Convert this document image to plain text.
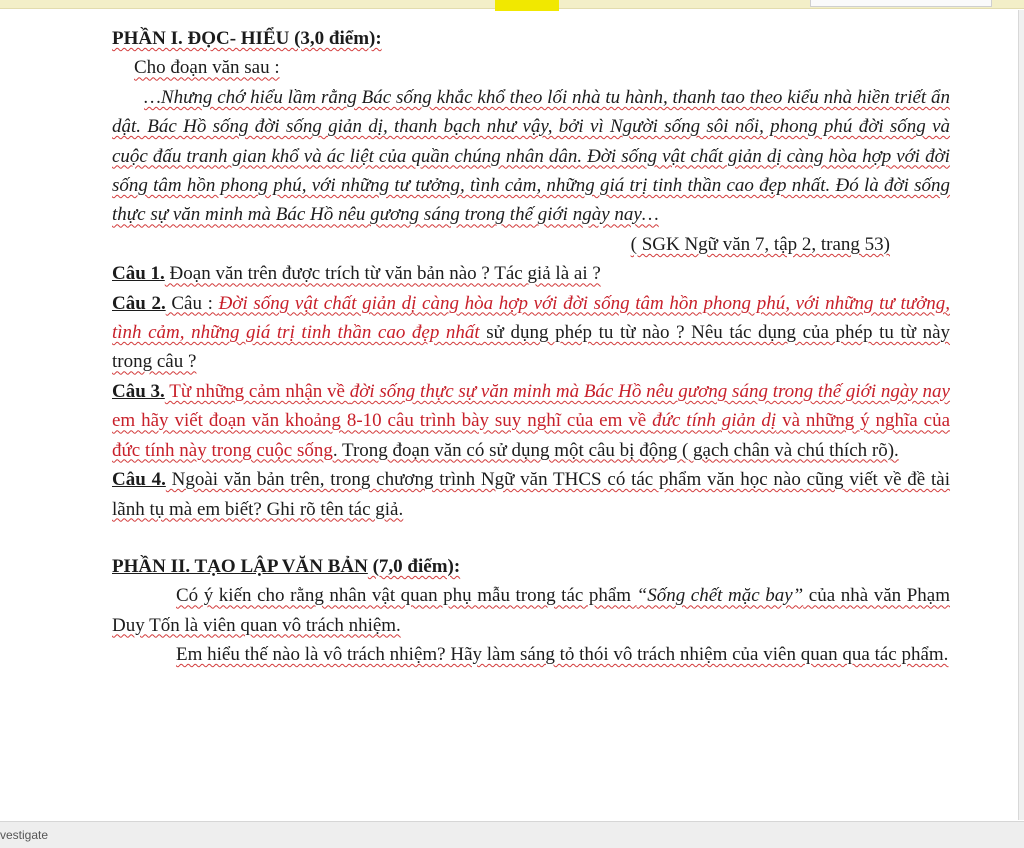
PHẦN I. ĐỌC- HIỂU (3,0 điểm):

Cho đoạn văn sau :

…Nhưng chớ hiểu lầm rằng Bác sống khắc khổ theo lối nhà tu hành, thanh tao theo kiểu nhà hiền triết ẩn dật. Bác Hồ sống đời sống giản dị, thanh bạch như vậy, bởi vì Người sống sôi nổi, phong phú đời sống và cuộc đấu tranh gian khổ và ác liệt của quần chúng nhân dân. Đời sống vật chất giản dị càng hòa hợp với đời sống tâm hồn phong phú, với những tư tưởng, tình cảm, những giá trị tinh thần cao đẹp nhất. Đó là đời sống thực sự văn minh mà Bác Hồ nêu gương sáng trong thế giới ngày nay…

( SGK Ngữ văn 7, tập 2, trang 53)

Câu 1. Đoạn văn trên được trích từ văn bản nào ? Tác giả là ai ?

Câu 2. Câu : Đời sống vật chất giản dị càng hòa hợp với đời sống tâm hồn phong phú, với những tư tưởng, tình cảm, những giá trị tinh thần cao đẹp nhất sử dụng phép tu từ nào ? Nêu tác dụng của phép tu từ này trong câu ?

Câu 3. Từ những cảm nhận về đời sống thực sự văn minh mà Bác Hồ nêu gương sáng trong thế giới ngày nay em hãy viết đoạn văn khoảng 8-10 câu trình bày suy nghĩ của em về đức tính giản dị và những ý nghĩa của đức tính này trong cuộc sống. Trong đoạn văn có sử dụng một câu bị động ( gạch chân và chú thích rõ).

Câu 4. Ngoài văn bản trên, trong chương trình Ngữ văn THCS có tác phẩm văn học nào cũng viết về đề tài lãnh tụ mà em biết? Ghi rõ tên tác giả.

PHẦN II. TẠO LẬP VĂN BẢN (7,0 điểm):

Có ý kiến cho rằng nhân vật quan phụ mẫu trong tác phẩm “Sống chết mặc bay” của nhà văn Phạm Duy Tốn là viên quan vô trách nhiệm.

Em hiểu thế nào là vô trách nhiệm? Hãy làm sáng tỏ thói vô trách nhiệm của viên quan qua tác phẩm.

vestigate
